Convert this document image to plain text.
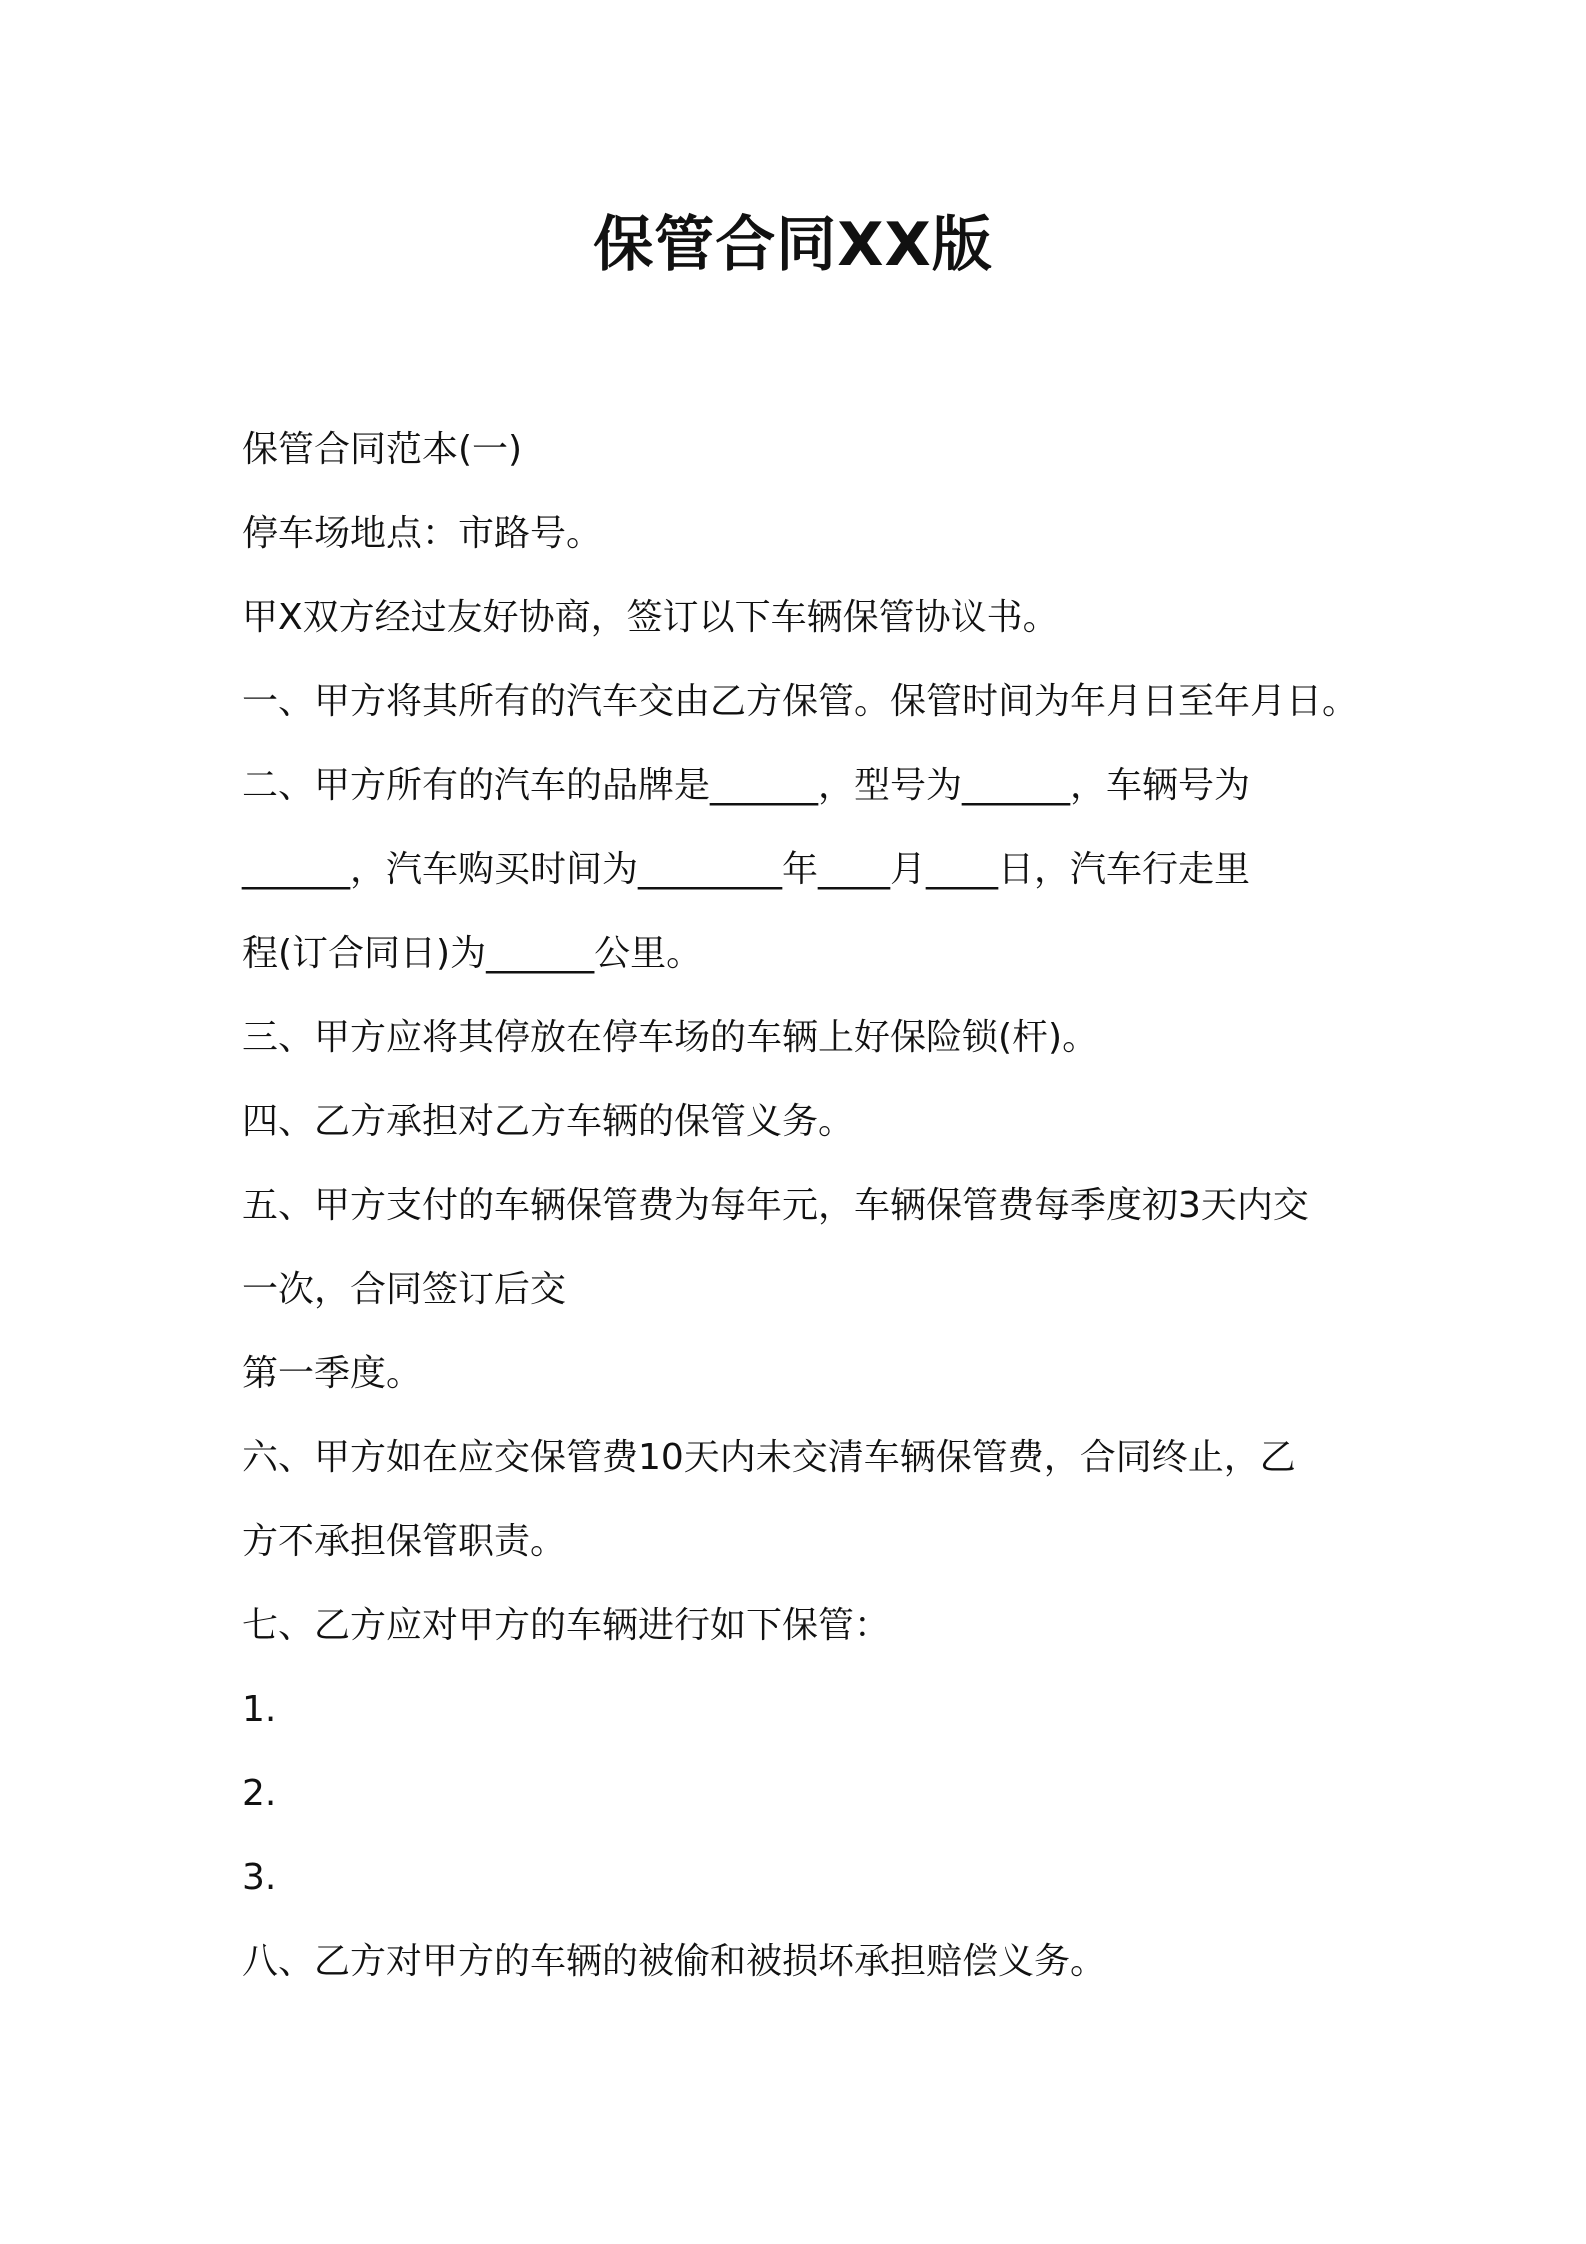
保管合同XX版
保管合同范本(一)
停车场地点：市路号。
甲X双方经过友好协商，签订以下车辆保管协议书。
一、甲方将其所有的汽车交由乙方保管。保管时间为年月日至年月日。
二、甲方所有的汽车的品牌是______，型号为______，车辆号为
______，汽车购买时间为________年____月____日，汽车行走里
程(订合同日)为______公里。
三、甲方应将其停放在停车场的车辆上好保险锁(杆)。
四、乙方承担对乙方车辆的保管义务。
五、甲方支付的车辆保管费为每年元，车辆保管费每季度初3天内交
一次，合同签订后交
第一季度。
六、甲方如在应交保管费10天内未交清车辆保管费，合同终止，乙
方不承担保管职责。
七、乙方应对甲方的车辆进行如下保管：
1.
2.
3.
八、乙方对甲方的车辆的被偷和被损坏承担赔偿义务。
